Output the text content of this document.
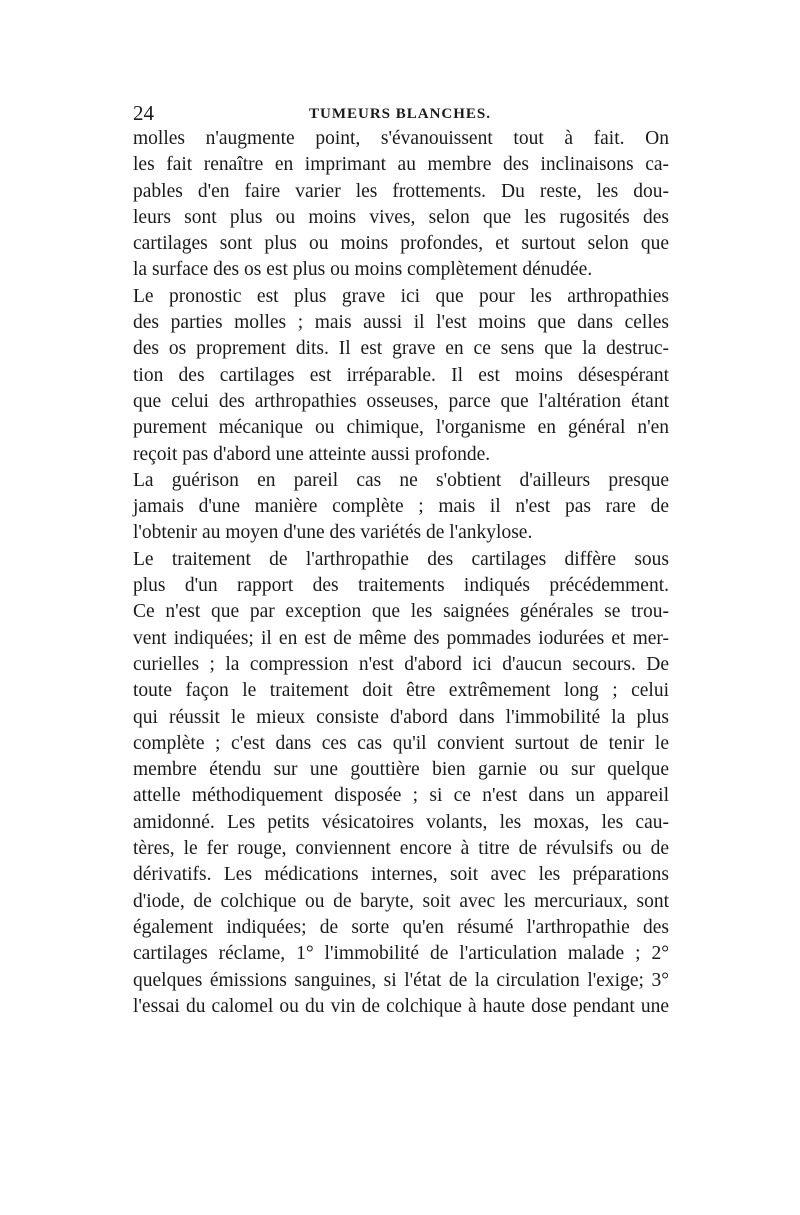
24	TUMEURS BLANCHES.
molles n'augmente point, s'évanouissent tout à fait. On
les fait renaître en imprimant au membre des inclinaisons ca-
pables d'en faire varier les frottements. Du reste, les dou-
leurs sont plus ou moins vives, selon que les rugosités des
cartilages sont plus ou moins profondes, et surtout selon que
la surface des os est plus ou moins complètement dénudée.
Le pronostic est plus grave ici que pour les arthropathies
des parties molles ; mais aussi il l'est moins que dans celles
des os proprement dits. Il est grave en ce sens que la destruc-
tion des cartilages est irréparable. Il est moins désespérant
que celui des arthropathies osseuses, parce que l'altération étant
purement mécanique ou chimique, l'organisme en général n'en
reçoit pas d'abord une atteinte aussi profonde.
La guérison en pareil cas ne s'obtient d'ailleurs presque
jamais d'une manière complète ; mais il n'est pas rare de
l'obtenir au moyen d'une des variétés de l'ankylose.
Le traitement de l'arthropathie des cartilages diffère sous
plus d'un rapport des traitements indiqués précédemment.
Ce n'est que par exception que les saignées générales se trou-
vent indiquées; il en est de même des pommades iodurées et mer-
curielles ; la compression n'est d'abord ici d'aucun secours. De
toute façon le traitement doit être extrêmement long ; celui
qui réussit le mieux consiste d'abord dans l'immobilité la plus
complète ; c'est dans ces cas qu'il convient surtout de tenir le
membre étendu sur une gouttière bien garnie ou sur quelque
attelle méthodiquement disposée ; si ce n'est dans un appareil
amidonné. Les petits vésicatoires volants, les moxas, les cau-
tères, le fer rouge, conviennent encore à titre de révulsifs ou de
dérivatifs. Les médications internes, soit avec les préparations
d'iode, de colchique ou de baryte, soit avec les mercuriaux, sont
également indiquées; de sorte qu'en résumé l'arthropathie des
cartilages réclame, 1° l'immobilité de l'articulation malade ; 2°
quelques émissions sanguines, si l'état de la circulation l'exige; 3°
l'essai du calomel ou du vin de colchique à haute dose pendant une
